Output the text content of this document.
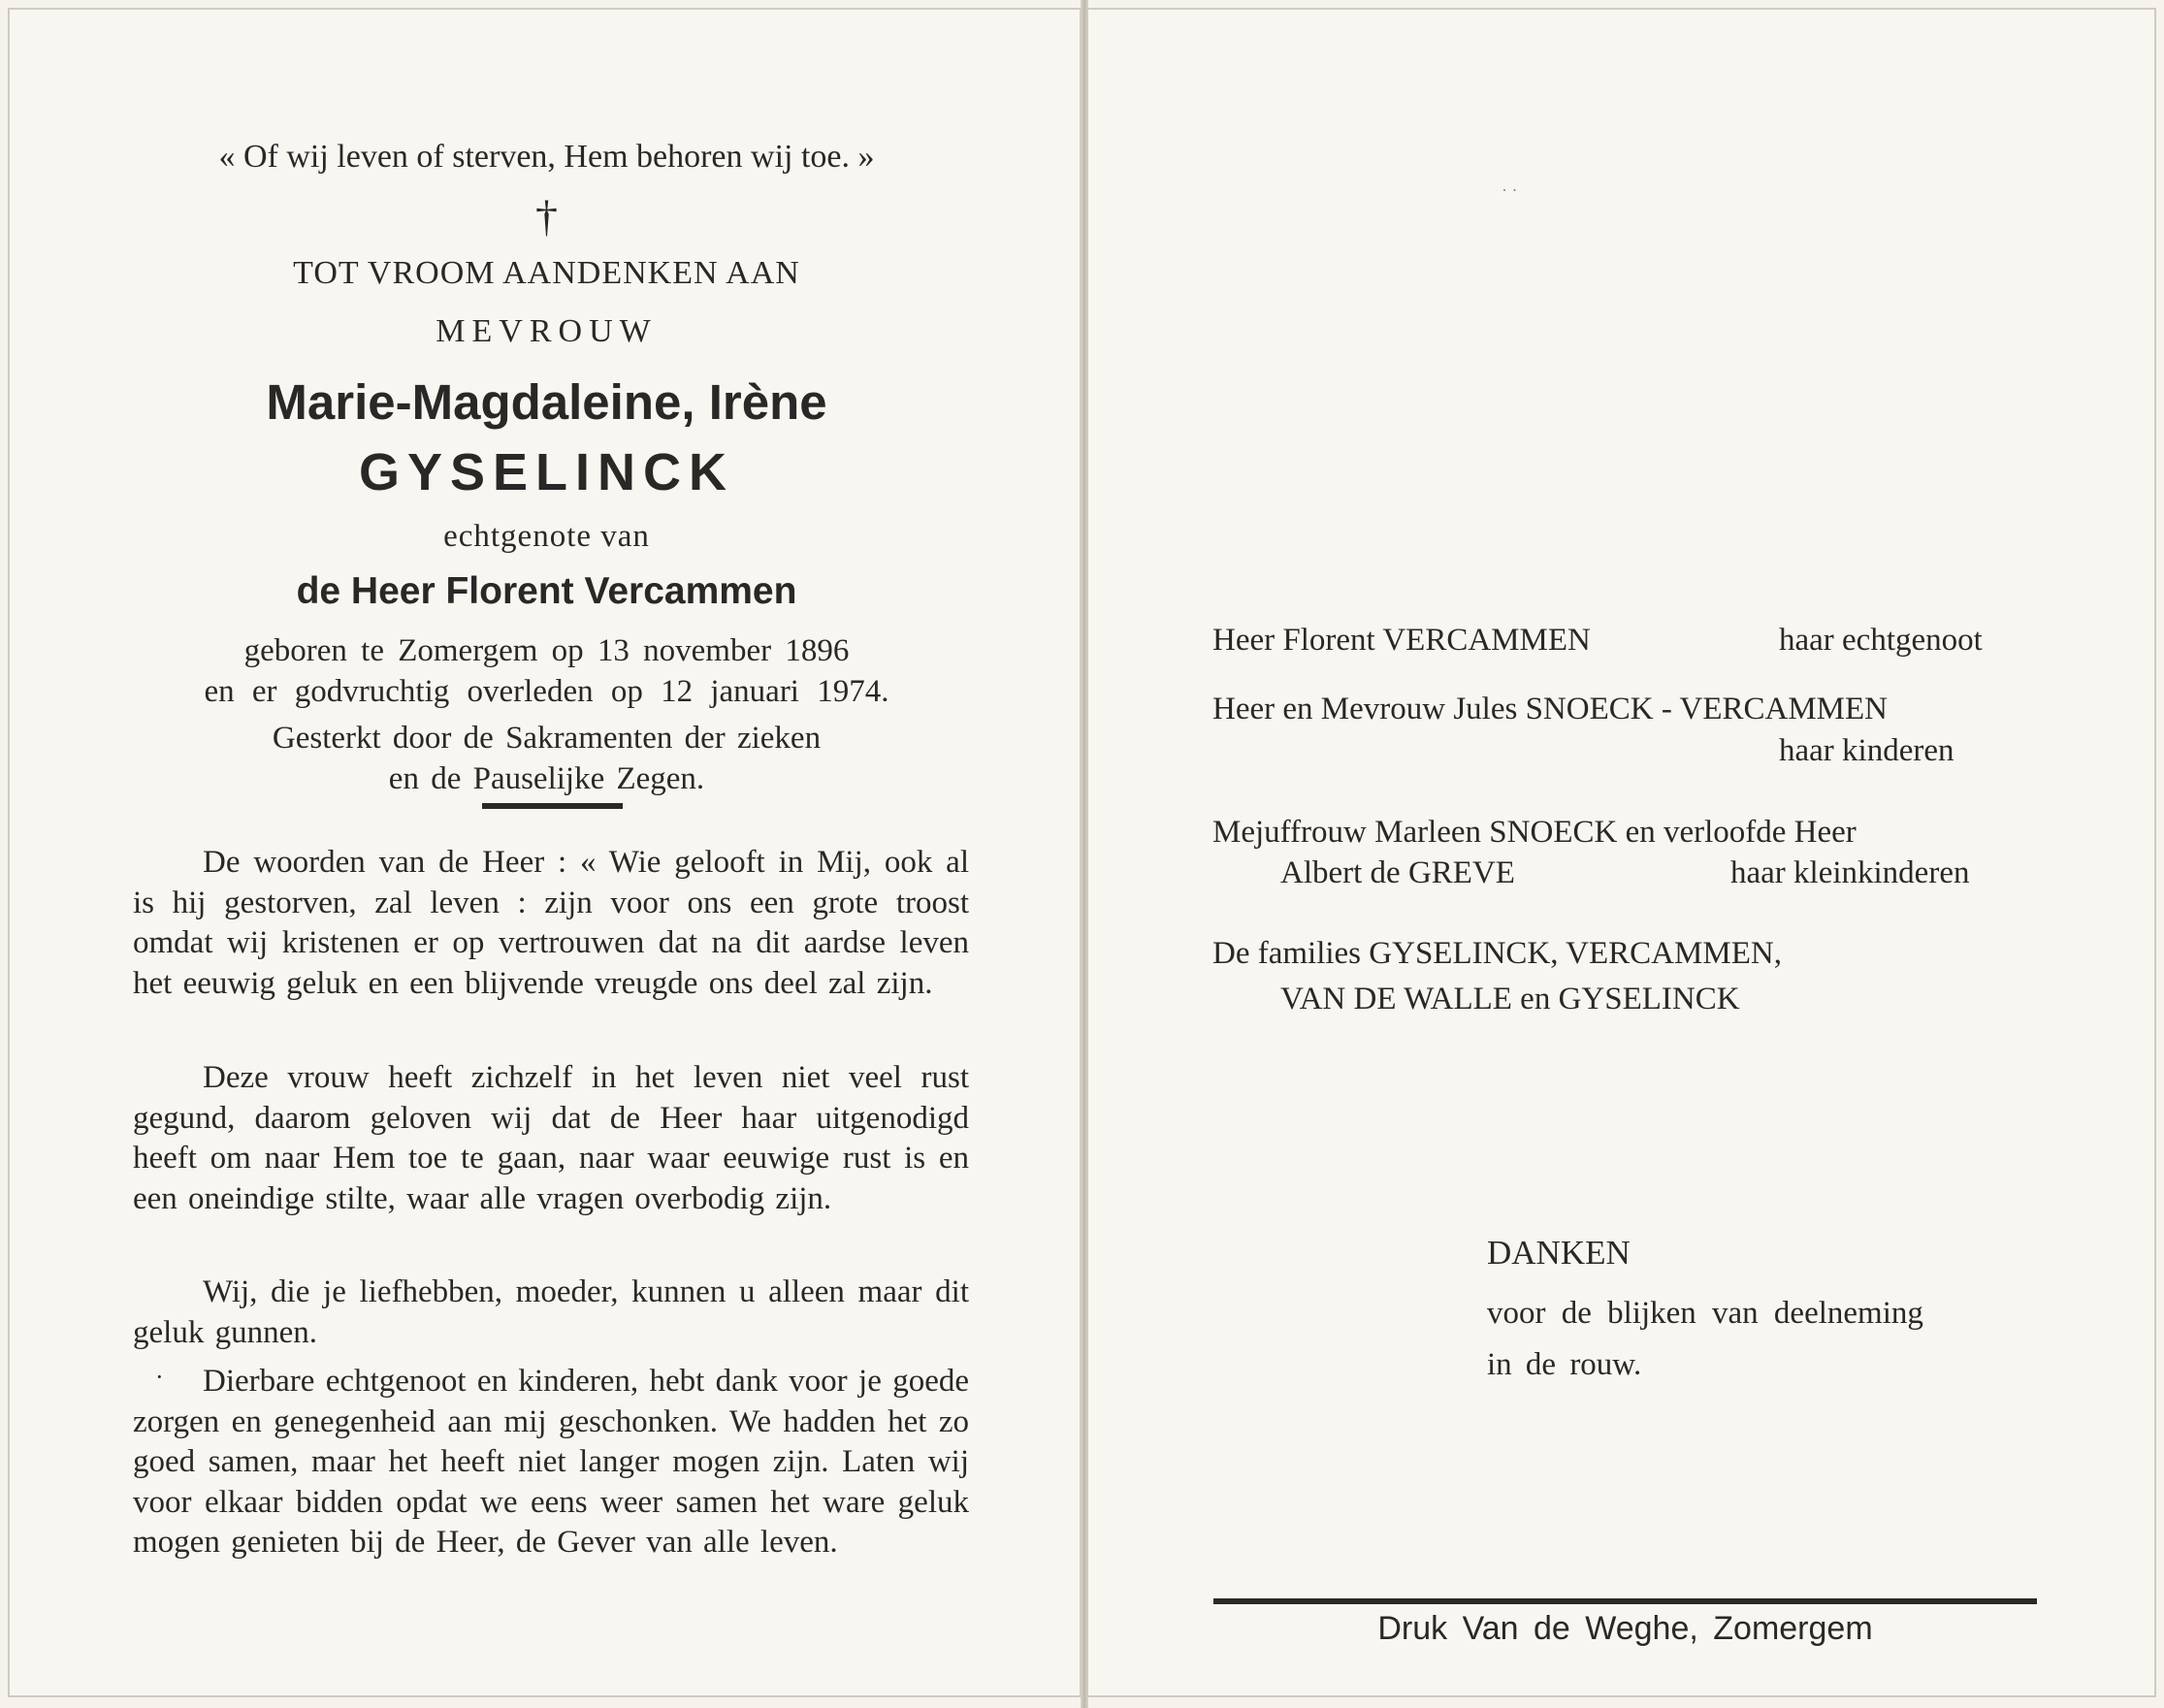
« Of wij leven of sterven, Hem behoren wij toe. »
†
TOT VROOM AANDENKEN AAN
MEVROUW
Marie-Magdaleine, Irène
GYSELINCK
echtgenote van
de Heer Florent Vercammen
geboren te Zomergem op 13 november 1896
en er godvruchtig overleden op 12 januari 1974.
Gesterkt door de Sakramenten der zieken
en de Pauselijke Zegen.
De woorden van de Heer : « Wie gelooft in Mij, ook al is hij gestorven, zal leven : zijn voor ons een grote troost omdat wij kristenen er op vertrouwen dat na dit aardse leven het eeuwig geluk en een blijvende vreugde ons deel zal zijn.
Deze vrouw heeft zichzelf in het leven niet veel rust gegund, daarom geloven wij dat de Heer haar uitgenodigd heeft om naar Hem toe te gaan, naar waar eeuwige rust is en een oneindige stilte, waar alle vragen overbodig zijn.
Wij, die je liefhebben, moeder, kunnen u alleen maar dit geluk gunnen.
·	Dierbare echtgenoot en kinderen, hebt dank voor je goede zorgen en genegenheid aan mij geschonken. We hadden het zo goed samen, maar het heeft niet langer mogen zijn. Laten wij voor elkaar bidden opdat we eens weer samen het ware geluk mogen genieten bij de Heer, de Gever van alle leven.
· ·
Heer Florent VERCAMMEN	haar echtgenoot
Heer en Mevrouw Jules SNOECK - VERCAMMEN
haar kinderen
Mejuffrouw Marleen SNOECK en verloofde Heer
Albert de GREVE	haar kleinkinderen
De families GYSELINCK, VERCAMMEN,
VAN DE WALLE en GYSELINCK
DANKEN
voor de blijken van deelneming
in de rouw.
Druk Van de Weghe, Zomergem
